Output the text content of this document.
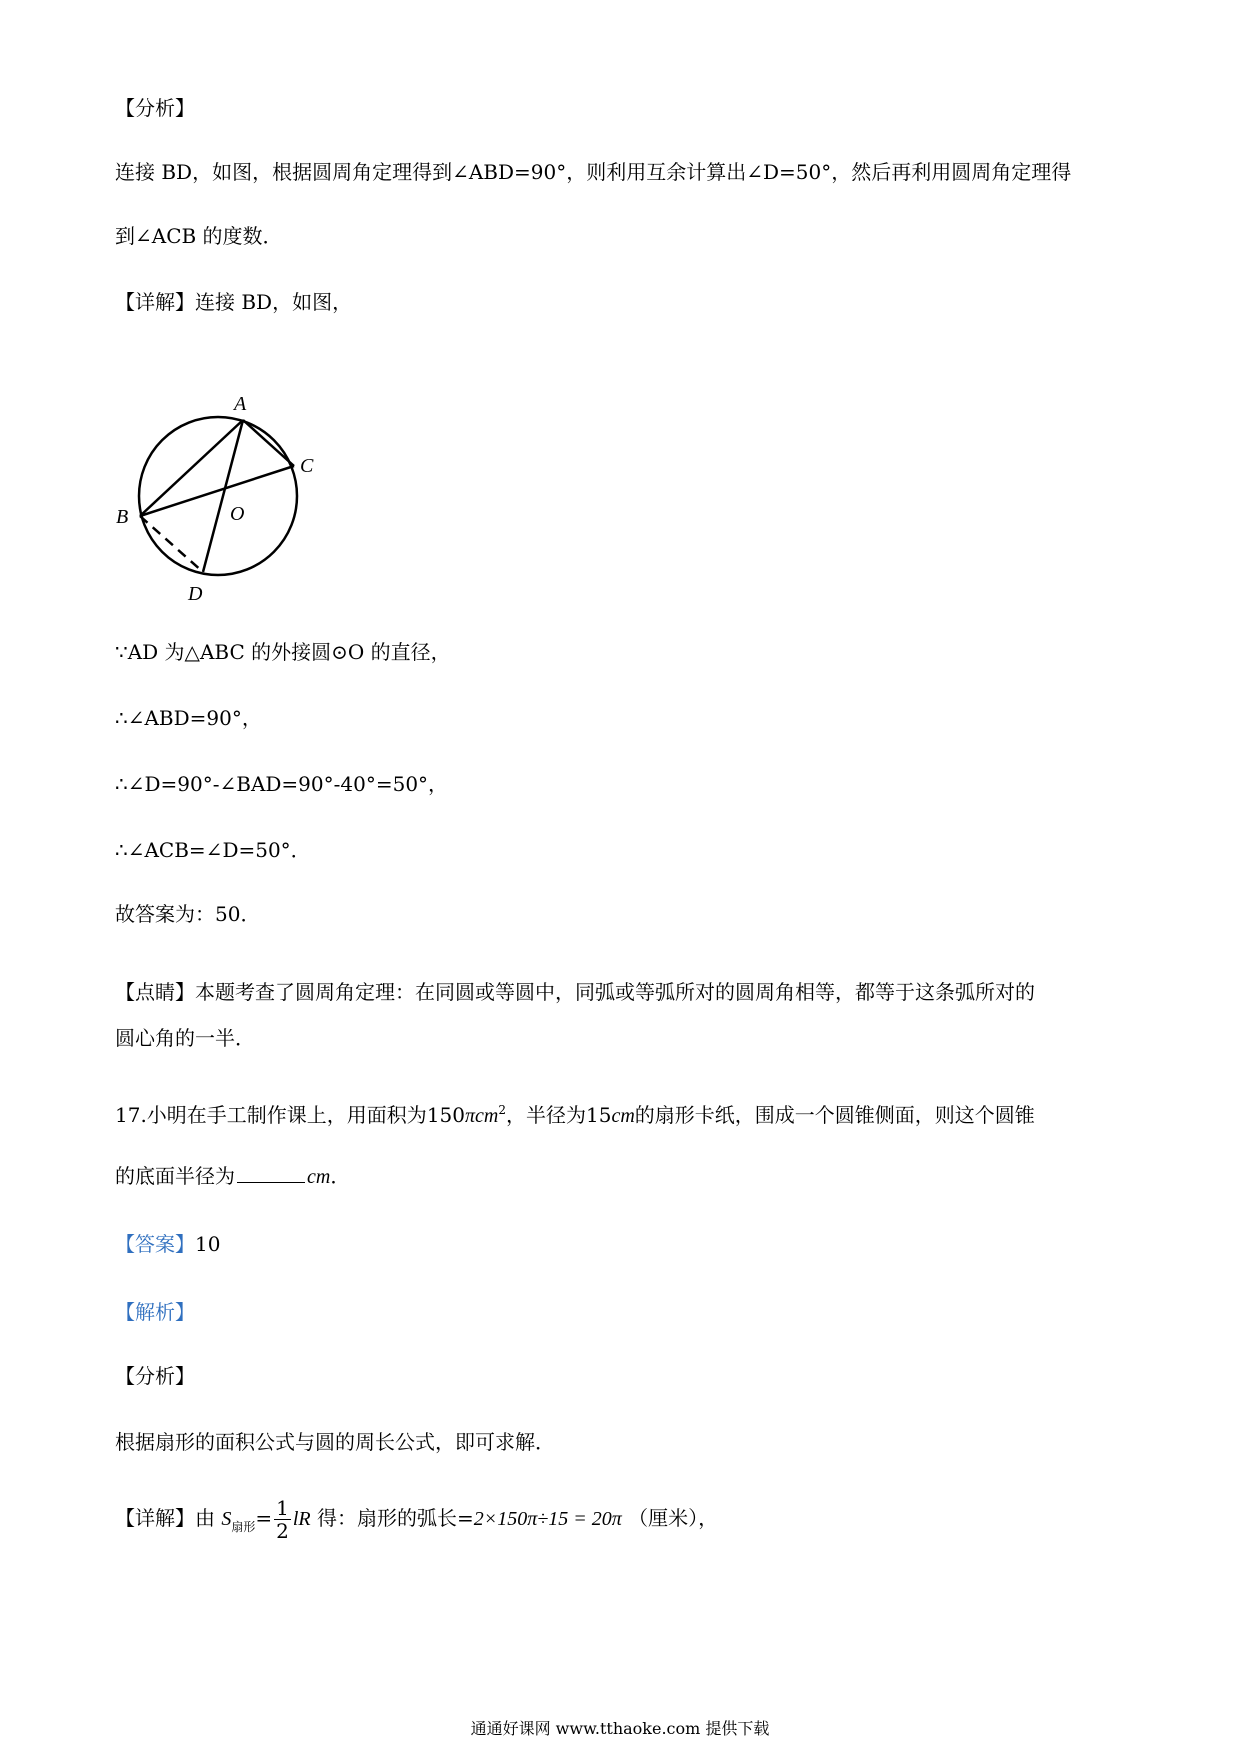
【分析】
连接 BD，如图，根据圆周角定理得到∠ABD=90°，则利用互余计算出∠D=50°，然后再利用圆周角定理得
到∠ACB 的度数．
【详解】连接 BD，如图，
A
B
C
D
O
∵AD 为△ABC 的外接圆⊙O 的直径，
∴∠ABD=90°，
∴∠D=90°-∠BAD=90°-40°=50°，
∴∠ACB=∠D=50°．
故答案为：50．
【点睛】本题考查了圆周角定理：在同圆或等圆中，同弧或等弧所对的圆周角相等，都等于这条弧所对的
圆心角的一半．
17.小明在手工制作课上，用面积为150πcm$^2$，半径为15cm的扇形卡纸，围成一个圆锥侧面，则这个圆锥
的底面半径为	cm．
【答案】10
【解析】
【分析】
根据扇形的面积公式与圆的周长公式，即可求解．
【详解】由 $S_{扇形}= \frac{1}{2}$ lR 得：扇形的弧长=2×150π÷15 = 20π （厘米），
通通好课网 www.tthaoke.com 提供下载
